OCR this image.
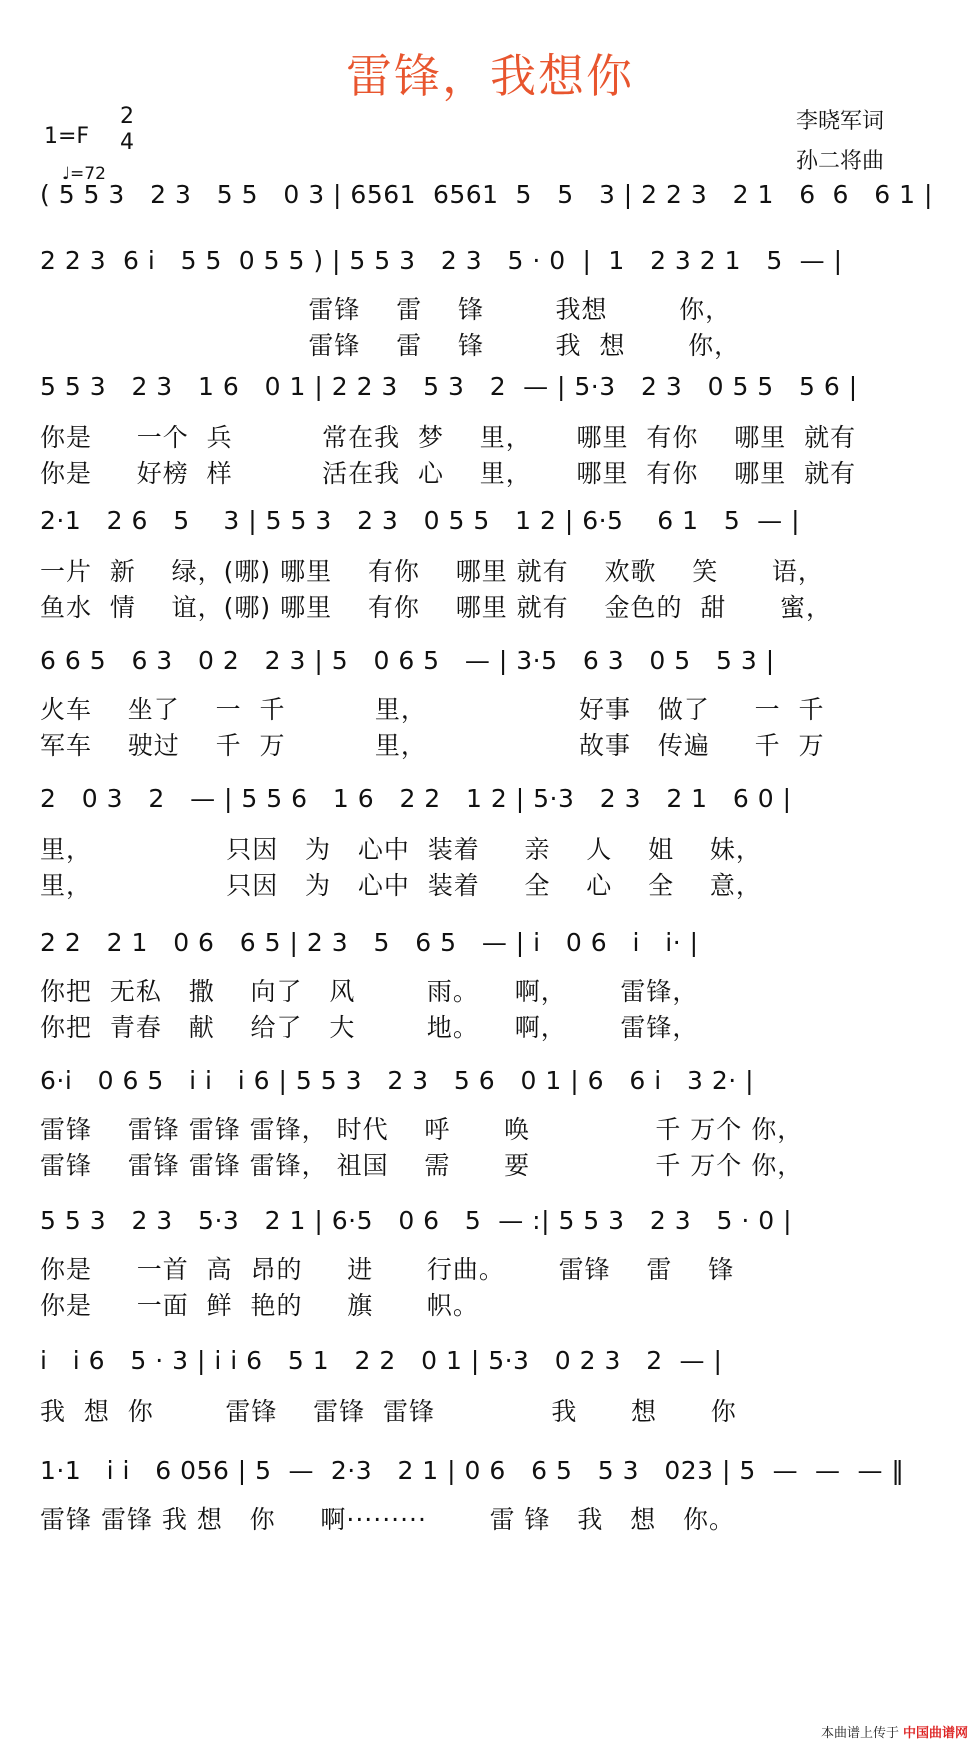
雷锋，我想你
1=F
2
4
♩=72
李晓军词
孙二将曲
( 5 5 3   2 3   5 5   0 3 | 6561  6561  5   5   3 | 2 2 3   2 1   6  6   6 1 |
2 2 3  6 i   5 5  0 5 5 ) | 5 5 3   2 3   5 · 0  |  1   2 3 2 1   5  — |
雷锋    雷    锋        我想        你，
雷锋    雷    锋        我  想       你，
5 5 3   2 3   1 6   0 1 | 2 2 3   5 3   2  — | 5·3   2 3   0 5 5   5 6 |
你是     一个  兵          常在我  梦    里，     哪里  有你    哪里  就有
你是     好榜  样          活在我  心    里，     哪里  有你    哪里  就有
2·1   2 6   5    3 | 5 5 3   2 3   0 5 5   1 2 | 6·5    6 1   5  — |
一片  新    绿，(哪) 哪里    有你    哪里 就有    欢歌    笑      语，
鱼水  情    谊，(哪) 哪里    有你    哪里 就有    金色的  甜      蜜，
6 6 5   6 3   0 2   2 3 | 5   0 6 5   — | 3·5   6 3   0 5   5 3 |
火车    坐了    一  千          里，                 好事   做了     一  千
军车    驶过    千  万          里，                 故事   传遍     千  万
2   0 3   2   — | 5 5 6   1 6   2 2   1 2 | 5·3   2 3   2 1   6 0 |
里，               只因   为   心中  装着     亲    人    姐    妹，
里，               只因   为   心中  装着     全    心    全    意，
2 2   2 1   0 6   6 5 | 2 3   5   6 5   — | i   0 6   i   i· |
你把  无私   撒    向了   风        雨。    啊，      雷锋，
你把  青春   献    给了   大        地。    啊，      雷锋，
6·i   0 6 5   i i   i 6 | 5 5 3   2 3   5 6   0 1 | 6   6 i   3 2· |
雷锋    雷锋 雷锋 雷锋， 时代    呼      唤              千 万个 你，
雷锋    雷锋 雷锋 雷锋， 祖国    需      要              千 万个 你，
5 5 3   2 3   5·3   2 1 | 6·5   0 6   5  — :| 5 5 3   2 3   5 · 0 |
你是     一首  高  昂的     进      行曲。      雷锋    雷    锋
你是     一面  鲜  艳的     旗      帜。
i   i 6   5 · 3 | i i 6   5 1   2 2   0 1 | 5·3   0 2 3   2  — |
我  想  你        雷锋    雷锋  雷锋             我      想      你
1·1   i i   6 056 | 5  —  2·3   2 1 | 0 6   6 5   5 3   023 | 5  —  —  — ‖
雷锋 雷锋 我 想   你     啊·········       雷 锋   我   想   你。
本曲谱上传于 中国曲谱网
